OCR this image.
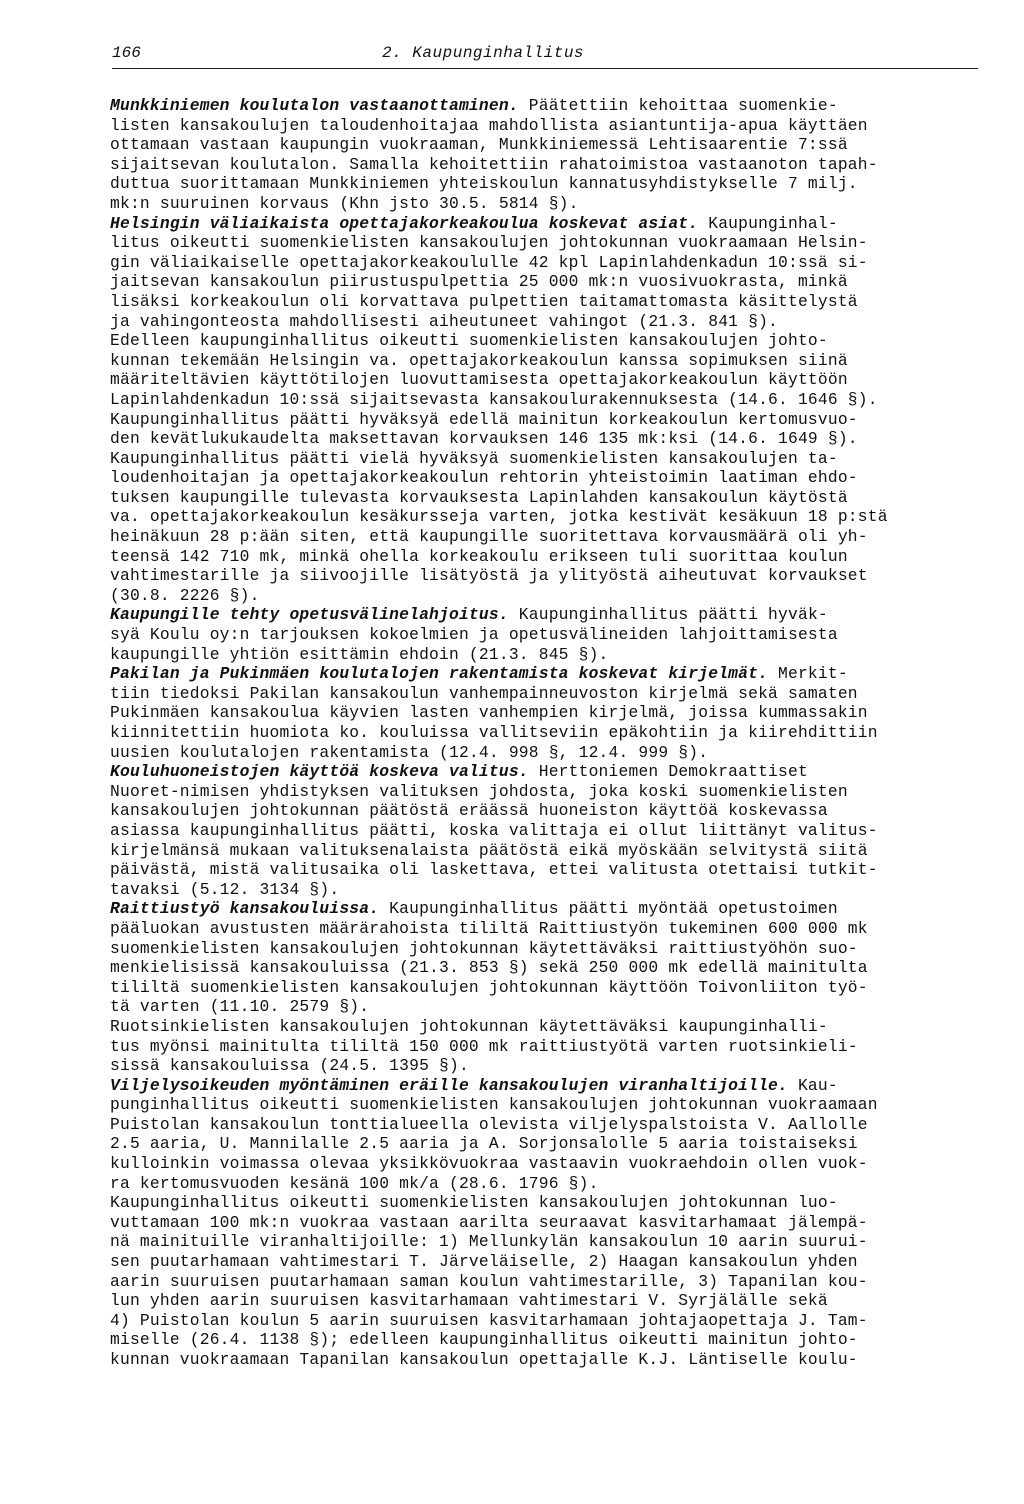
166	2. Kaupunginhallitus
Munkkiniemen koulutalon vastaanottaminen. Päätettiin kehoittaa suomenkie-
listen kansakoulujen taloudenhoitajaa mahdollista asiantuntija-apua käyttäen
ottamaan vastaan kaupungin vuokraaman, Munkkiniemessä Lehtisaarentie 7:ssä
sijaitsevan koulutalon. Samalla kehoitettiin rahatoimistoa vastaanoton tapah-
duttua suorittamaan Munkkiniemen yhteiskoulun kannatusyhdistykselle 7 milj.
mk:n suuruinen korvaus (Khn jsto 30.5. 5814 §).
Helsingin väliaikaista opettajakorkeakoulua koskevat asiat. Kaupunginhal-
litus oikeutti suomenkielisten kansakoulujen johtokunnan vuokraamaan Helsin-
gin väliaikaiselle opettajakorkeakoululle 42 kpl Lapinlahdenkadun 10:ssä si-
jaitsevan kansakoulun piirustuspulpettia 25 000 mk:n vuosivuokrasta, minkä
lisäksi korkeakoulun oli korvattava pulpettien taitamattomasta käsittelystä
ja vahingonteosta mahdollisesti aiheutuneet vahingot (21.3. 841 §).
Edelleen kaupunginhallitus oikeutti suomenkielisten kansakoulujen johto-
kunnan tekemään Helsingin va. opettajakorkeakoulun kanssa sopimuksen siinä
määriteltävien käyttötilojen luovuttamisesta opettajakorkeakoulun käyttöön
Lapinlahdenkadun 10:ssä sijaitsevasta kansakoulurakennuksesta (14.6. 1646 §).
Kaupunginhallitus päätti hyväksyä edellä mainitun korkeakoulun kertomusvuo-
den kevätlukukaudelta maksettavan korvauksen 146 135 mk:ksi (14.6. 1649 §).
Kaupunginhallitus päätti vielä hyväksyä suomenkielisten kansakoulujen ta-
loudenhoitajan ja opettajakorkeakoulun rehtorin yhteistoimin laatiman ehdo-
tuksen kaupungille tulevasta korvauksesta Lapinlahden kansakoulun käytöstä
va. opettajakorkeakoulun kesäkurssejа varten, jotka kestivät kesäkuun 18 p:stä
heinäkuun 28 p:ään siten, että kaupungille suoritettava korvausmäärä oli yh-
teensä 142 710 mk, minkä ohella korkeakoulu erikseen tuli suorittaa koulun
vahtimestarille ja siivoojille lisätyöstä ja ylityöstä aiheutuvat korvaukset
(30.8. 2226 §).
Kaupungille tehty opetusvälinelahjoitus. Kaupunginhallitus päätti hyväk-
syä Koulu oy:n tarjouksen kokoelmien ja opetusvälineiden lahjoittamisesta
kaupungille yhtiön esittämin ehdoin (21.3. 845 §).
Pakilan ja Pukinmäen koulutalojen rakentamista koskevat kirjelmät. Merkit-
tiin tiedoksi Pakilan kansakoulun vanhempainneuvoston kirjelmä sekä samaten
Pukinmäen kansakoulua käyvien lasten vanhempien kirjelmä, joissa kummassakin
kiinnitettiin huomiota ko. kouluissa vallitseviin epäkohtiin ja kiirehdittiin
uusien koulutalojen rakentamista (12.4. 998 §, 12.4. 999 §).
Kouluhuoneistojen käyttöä koskeva valitus. Herttoniemen Demokraattiset
Nuoret-nimisen yhdistyksen valituksen johdosta, joka koski suomenkielisten
kansakoulujen johtokunnan päätöstä eräässä huoneiston käyttöä koskevassa
asiassa kaupunginhallitus päätti, koska valittaja ei ollut liittänyt valitus-
kirjelmänsä mukaan valituksenalaista päätöstä eikä myöskään selvitystä siitä
päivästä, mistä valitusaika oli laskettava, ettei valitusta otettaisi tutkit-
tavaksi (5.12. 3134 §).
Raittiustyö kansakouluissa. Kaupunginhallitus päätti myöntää opetustoimen
pääluokan avustusten määrärahoista tililtä Raittiustyön tukeminen 600 000 mk
suomenkielisten kansakoulujen johtokunnan käytettäväksi raittiustyöhön suo-
menkielisissä kansakouluissa (21.3. 853 §) sekä 250 000 mk edellä mainitulta
tililtä suomenkielisten kansakoulujen johtokunnan käyttöön Toivonliiton työ-
tä varten (11.10. 2579 §).
Ruotsinkielisten kansakoulujen johtokunnan käytettäväksi kaupunginhalli-
tus myönsi mainitulta tililtä 150 000 mk raittiustyötä varten ruotsinkieli-
sissä kansakouluissa (24.5. 1395 §).
Viljelysoikeuden myöntäminen eräille kansakoulujen viranhaltijoille. Kau-
punginhallitus oikeutti suomenkielisten kansakoulujen johtokunnan vuokraamaan
Puistolan kansakoulun tonttialueella olevista viljelyspalstoista V. Aallolle
2.5 aaria, U. Mannilalle 2.5 aaria ja A. Sorjonsalolle 5 aaria toistaiseksi
kulloinkin voimassa olevaa yksikkövuokraa vastaavin vuokraehdoin ollen vuok-
ra kertomusvuoden kesänä 100 mk/a (28.6. 1796 §).
Kaupunginhallitus oikeutti suomenkielisten kansakoulujen johtokunnan luo-
vuttamaan 100 mk:n vuokraa vastaan aarilta seuraavat kasvitarhamaat jälempä-
nä mainituille viranhaltijoille: 1) Mellunkylän kansakoulun 10 aarin suurui-
sen puutarhamaan vahtimestari T. Järveläiselle, 2) Haagan kansakoulun yhden
aarin suuruisen puutarhamaan saman koulun vahtimestarille, 3) Tapanilan kou-
lun yhden aarin suuruisen kasvitarhamaan vahtimestari V. Syrjälälle sekä
4) Puistolan koulun 5 aarin suuruisen kasvitarhamaan johtajaopettaja J. Tam-
miselle (26.4. 1138 §); edelleen kaupunginhallitus oikeutti mainitun johto-
kunnan vuokraamaan Tapanilan kansakoulun opettajalle K.J. Läntiselle koulu-
